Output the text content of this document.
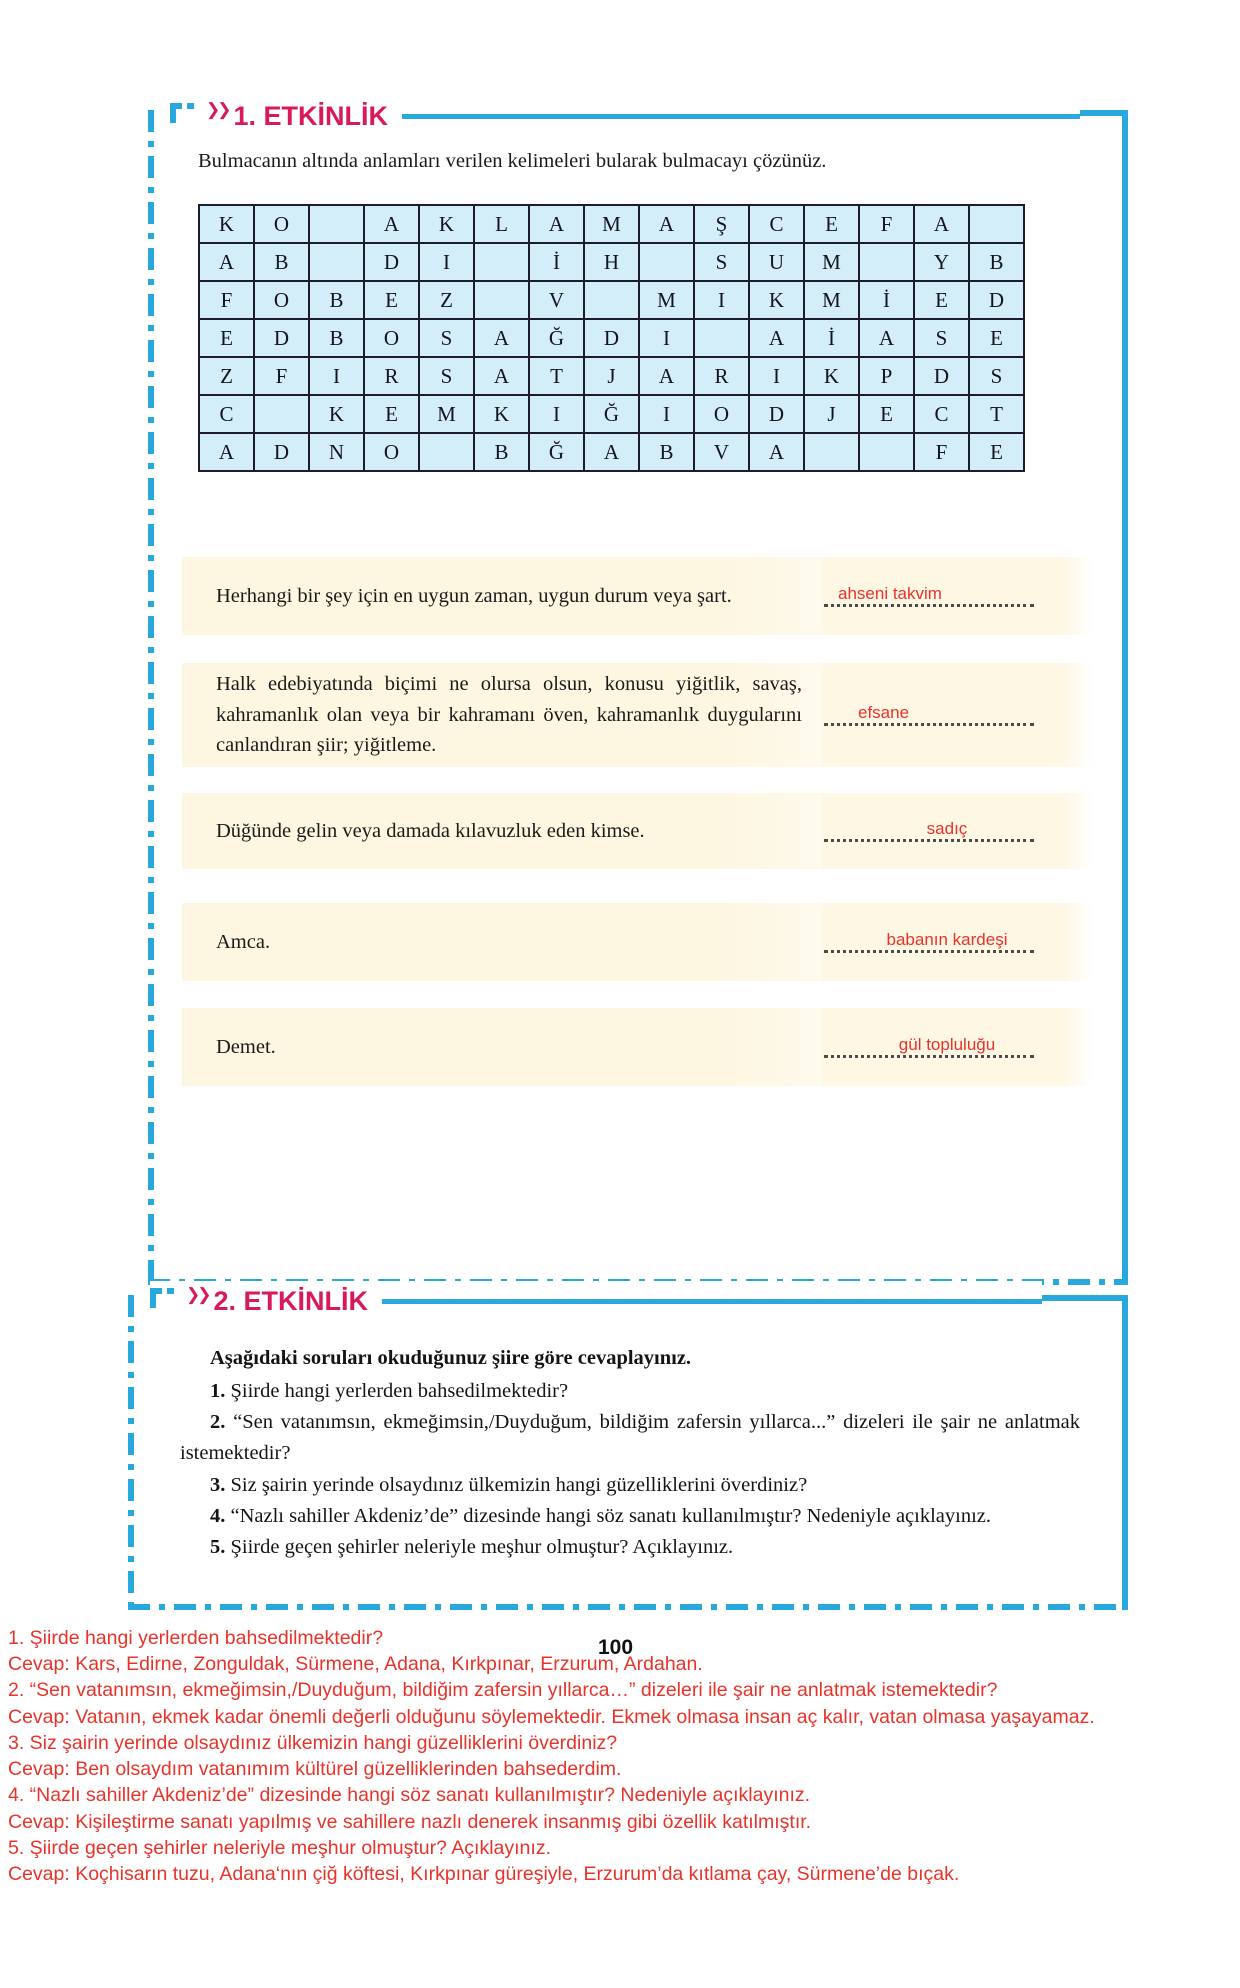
❯❯ 1. ETKİNLİK
Bulmacanın altında anlamları verilen kelimeleri bularak bulmacayı çözünüz.
K	O		A	K	L	A	M	A	Ş	C	E	F	A	
A	B		D	I		İ	H		S	U	M		Y	B
F	O	B	E	Z		V		M	I	K	M	İ	E	D
E	D	B	O	S	A	Ğ	D	I		A	İ	A	S	E
Z	F	I	R	S	A	T	J	A	R	I	K	P	D	S
C		K	E	M	K	I	Ğ	I	O	D	J	E	C	T
A	D	N	O		B	Ğ	A	B	V	A			F	E
Herhangi bir şey için en uygun zaman, uygun durum veya şart.	ahseni takvim
Halk edebiyatında biçimi ne olursa olsun, konusu yiğitlik, savaş, kahramanlık olan veya bir kahramanı öven, kahramanlık duygularını canlandıran şiir; yiğitleme.
efsane
Düğünde gelin veya damada kılavuzluk eden kimse.	sadıç
Amca.	babanın kardeşi
Demet.	gül topluluğu
❯❯ 2. ETKİNLİK
Aşağıdaki soruları okuduğunuz şiire göre cevaplayınız.
1. Şiirde hangi yerlerden bahsedilmektedir?
2. “Sen vatanımsın, ekmeğimsin,/Duyduğum, bildiğim zafersin yıllarca...” dizeleri ile şair ne anlatmak istemektedir?
3. Siz şairin yerinde olsaydınız ülkemizin hangi güzelliklerini överdiniz?
4. “Nazlı sahiller Akdeniz’de” dizesinde hangi söz sanatı kullanılmıştır? Nedeniyle açıklayınız.
5. Şiirde geçen şehirler neleriyle meşhur olmuştur? Açıklayınız.
1. Şiirde hangi yerlerden bahsedilmektedir?
Cevap: Kars, Edirne, Zonguldak, Sürmene, Adana, Kırkpınar, Erzurum, Ardahan.
2. “Sen vatanımsın, ekmeğimsin,/Duyduğum, bildiğim zafersin yıllarca…” dizeleri ile şair ne anlatmak istemektedir?
Cevap: Vatanın, ekmek kadar önemli değerli olduğunu söylemektedir. Ekmek olmasa insan aç kalır, vatan olmasa yaşayamaz.
3. Siz şairin yerinde olsaydınız ülkemizin hangi güzelliklerini överdiniz?
Cevap: Ben olsaydım vatanımım kültürel güzelliklerinden bahsederdim.
4. “Nazlı sahiller Akdeniz’de” dizesinde hangi söz sanatı kullanılmıştır? Nedeniyle açıklayınız.
Cevap: Kişileştirme sanatı yapılmış ve sahillere nazlı denerek insanmış gibi özellik katılmıştır.
5. Şiirde geçen şehirler neleriyle meşhur olmuştur? Açıklayınız.
Cevap: Koçhisarın tuzu, Adana‘nın çiğ köftesi, Kırkpınar güreşiyle, Erzurum’da kıtlama çay, Sürmene’de bıçak.
100
